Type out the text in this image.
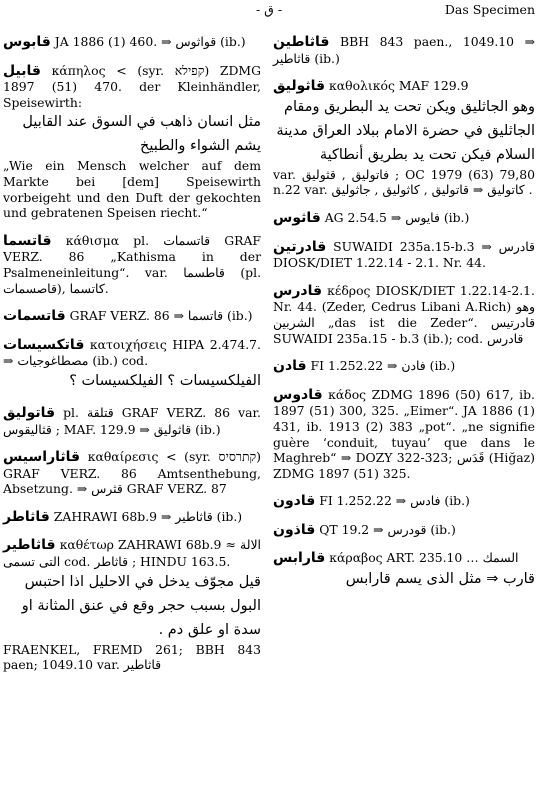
- ق -	Das Specimen
قابوس JA 1886 (1) 460. ⇒ قواثوس (ib.)
قابيل κάπηλος < (syr. קפילא) ZDMG 1897 (51) 470. der Kleinhändler, Speisewirth:
مثل انسان ذاهب في السوق عند القابيل يشم الشواء والطبيخ
„Wie ein Mensch welcher auf dem Markte bei [dem] Speisewirth vorbeigeht und den Duft der gekochten und gebratenen Speisen riecht.“
قاتسما κάθισμα pl. قاتسمات GRAF VERZ. 86 „Kathisma in der Psalmeneinleitung“. var. قاطسما (pl. قاصسمات), كاتسما.
قاتسمات GRAF VERZ. 86 ⇒ قاتسما (ib.)
قاتكسيسات κατοιχήσεις HIPA 2.474.7. ⇒ مصطاغوجيات (ib.) cod.
الفيلكسيسات ؟ الفيلكسيسات ؟
قاتوليق pl. قتلقة GRAF VERZ. 86 var. قثاليقوس ; MAF. 129.9 ⇒ قاثوليق (ib.)
قاثاراسيس καθαίρεσις < (syr. קתרסיס) GRAF VERZ. 86 Amtsenthebung, Absetzung. ⇒ قثرس GRAF VERZ. 87
قاثاطر ZAHRAWI 68b.9 ⇒ قاثاطير (ib.)
قاثاطير καθέτωρ ZAHRAWI 68b.9 ≈ الالة التى تسمى cod. قاثاطر ; HINDU 163.5.
قيل مجوّف يدخل في الاحليل اذا احتبس البول بسبب حجر وقع في عنق المثانة او سدة او علق دم .
FRAENKEL, FREMD 261; BBH 843 paen; 1049.10 var. قاثاطير
قاثاطين BBH 843 paen., 1049.10 ⇒ قاثاطير (ib.)
قاثوليق καθολικός MAF 129.9
وهو الجاثليق ويكن تحت يد البطريق ومقام الجاثليق في حضرة الامام ببلاد العراق مدينة السلام فيكن تحت يد بطريق أنطاكية
var. فاتوليق , قثوليق ; OC 1979 (63) 79,80 n.22 var. كاتوليق ⇒ قاتوليق , كاثوليق , جاثوليق .
قاثوس AG 2.54.5 ⇒ فايوس (ib.)
قادرتين SUWAIDI 235a.15-b.3 ⇒ قادرس DIOSK/DIET 1.22.14 - 2.1. Nr. 44.
قادرس κέδρος DIOSK/DIET 1.22.14-2.1. Nr. 44. (Zeder, Cedrus Libani A.Rich) وهو الشربين „das ist die Zeder“. قادرتيس SUWAIDI 235a.15 - b.3 (ib.); cod. قادرس
قادن FI 1.252.22 ⇒ فادن (ib.)
قادوس κάδος ZDMG 1896 (50) 617, ib. 1897 (51) 300, 325. „Eimer“. JA 1886 (1) 431, ib. 1913 (2) 383 „pot“. „ne signifie guère ‘conduit, tuyau’ que dans le Maghreb“ ⇒ DOZY 322-323; قَدَس (Hiğaz) ZDMG 1897 (51) 325.
قادون FI 1.252.22 ⇒ فادس (ib.)
قاذون QT 19.2 ⇒ قودرس (ib.)
قارابس κάραβος ART. 235.10 … السمك
قارب ⇒ مثل الذى يسم قارابس
